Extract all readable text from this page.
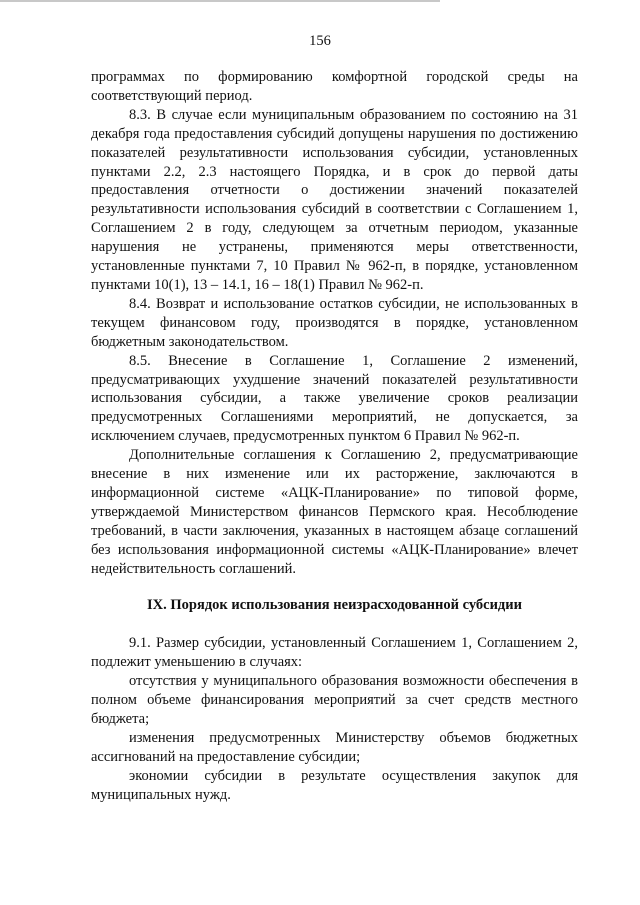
156

программах по формированию комфортной городской среды на соответствующий период.

8.3. В случае если муниципальным образованием по состоянию на 31 декабря года предоставления субсидий допущены нарушения по достижению показателей результативности использования субсидии, установленных пунктами 2.2, 2.3 настоящего Порядка, и в срок до первой даты предоставления отчетности о достижении значений показателей результативности использования субсидий в соответствии с Соглашением 1, Соглашением 2 в году, следующем за отчетным периодом, указанные нарушения не устранены, применяются меры ответственности, установленные пунктами 7, 10 Правил № 962-п, в порядке, установленном пунктами 10(1), 13 – 14.1, 16 – 18(1) Правил № 962-п.

8.4. Возврат и использование остатков субсидии, не использованных в текущем финансовом году, производятся в порядке, установленном бюджетным законодательством.

8.5. Внесение в Соглашение 1, Соглашение 2 изменений, предусматривающих ухудшение значений показателей результативности использования субсидии, а также увеличение сроков реализации предусмотренных Соглашениями мероприятий, не допускается, за исключением случаев, предусмотренных пунктом 6 Правил № 962-п.

Дополнительные соглашения к Соглашению 2, предусматривающие внесение в них изменение или их расторжение, заключаются в информационной системе «АЦК-Планирование» по типовой форме, утверждаемой Министерством финансов Пермского края. Несоблюдение требований, в части заключения, указанных в настоящем абзаце соглашений без использования информационной системы «АЦК-Планирование» влечет недействительность соглашений.

IX. Порядок использования неизрасходованной субсидии

9.1. Размер субсидии, установленный Соглашением 1, Соглашением 2, подлежит уменьшению в случаях:

отсутствия у муниципального образования возможности обеспечения в полном объеме финансирования мероприятий за счет средств местного бюджета;

изменения предусмотренных Министерству объемов бюджетных ассигнований на предоставление субсидии;

экономии субсидии в результате осуществления закупок для муниципальных нужд.
